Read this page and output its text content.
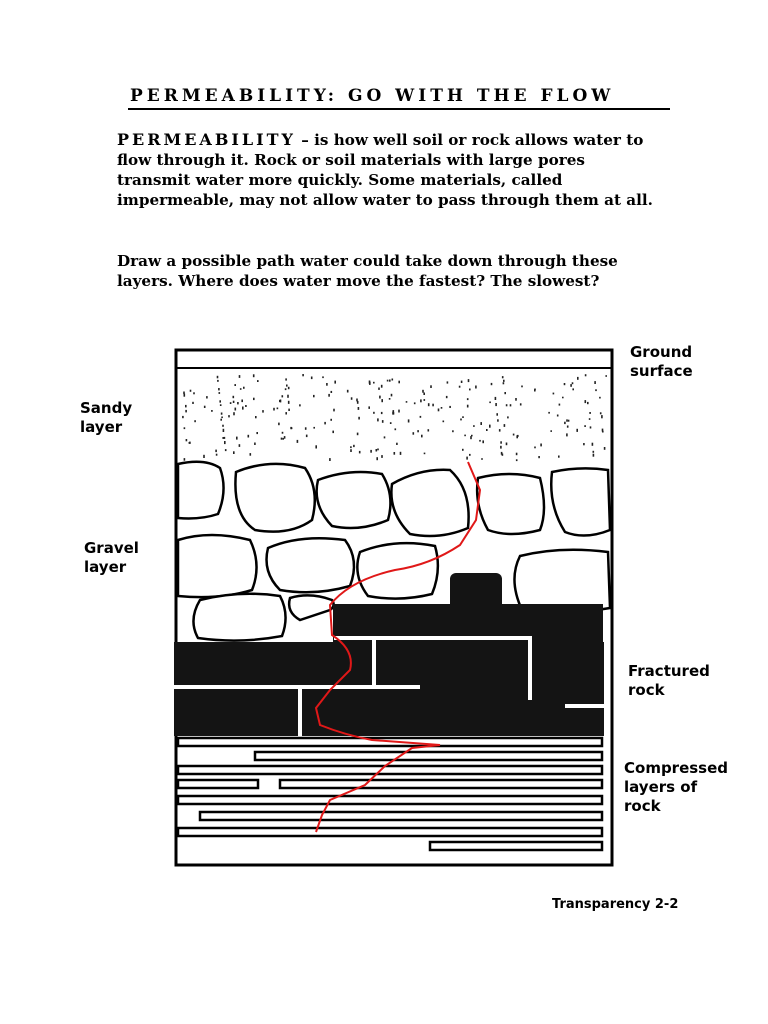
PERMEABILITY: GO WITH THE FLOW
PERMEABILITY – is how well soil or rock allows water to flow through it. Rock or soil materials with large pores transmit water more quickly. Some materials, called impermeable, may not allow water to pass through them at all.
Draw a possible path water could take down through these layers. Where does water move the fastest? The slowest?
Ground
surface
Sandy
layer
Gravel
layer
Fractured
rock
Compressed
layers of
rock
Transparency 2-2
